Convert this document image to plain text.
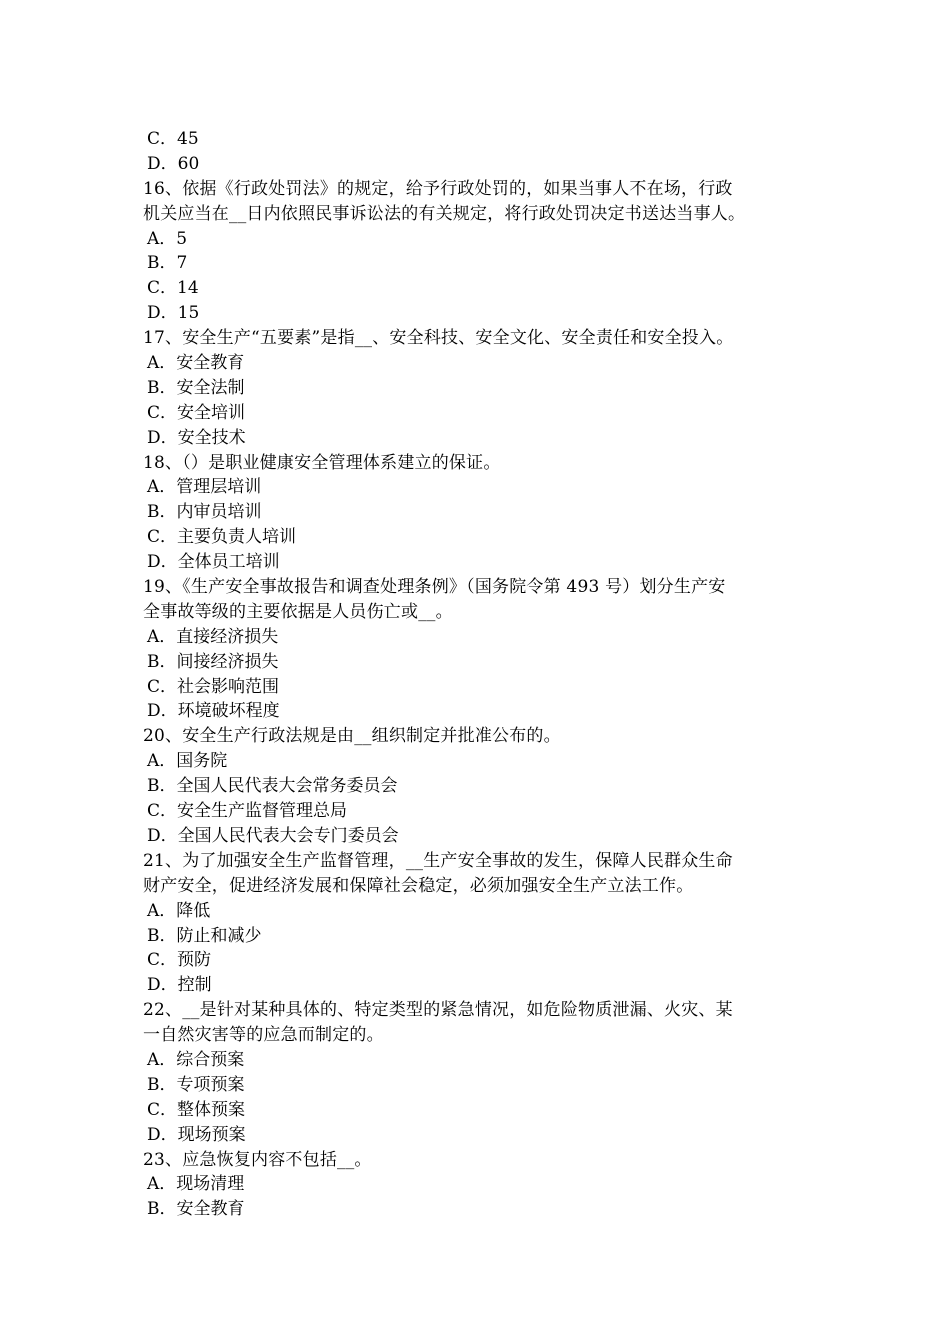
C．45
D．60
16、依据《行政处罚法》的规定，给予行政处罚的，如果当事人不在场，行政
机关应当在__日内依照民事诉讼法的有关规定，将行政处罚决定书送达当事人。
A．5
B．7
C．14
D．15
17、安全生产“五要素”是指__、安全科技、安全文化、安全责任和安全投入。
A．安全教育
B．安全法制
C．安全培训
D．安全技术
18、（）是职业健康安全管理体系建立的保证。
A．管理层培训
B．内审员培训
C．主要负责人培训
D．全体员工培训
19、《生产安全事故报告和调查处理条例》（国务院令第 493 号）划分生产安
全事故等级的主要依据是人员伤亡或__。
A．直接经济损失
B．间接经济损失
C．社会影响范围
D．环境破坏程度
20、安全生产行政法规是由__组织制定并批准公布的。
A．国务院
B．全国人民代表大会常务委员会
C．安全生产监督管理总局
D．全国人民代表大会专门委员会
21、为了加强安全生产监督管理，__生产安全事故的发生，保障人民群众生命
财产安全，促进经济发展和保障社会稳定，必须加强安全生产立法工作。
A．降低
B．防止和减少
C．预防
D．控制
22、__是针对某种具体的、特定类型的紧急情况，如危险物质泄漏、火灾、某
一自然灾害等的应急而制定的。
A．综合预案
B．专项预案
C．整体预案
D．现场预案
23、应急恢复内容不包括__。
A．现场清理
B．安全教育
